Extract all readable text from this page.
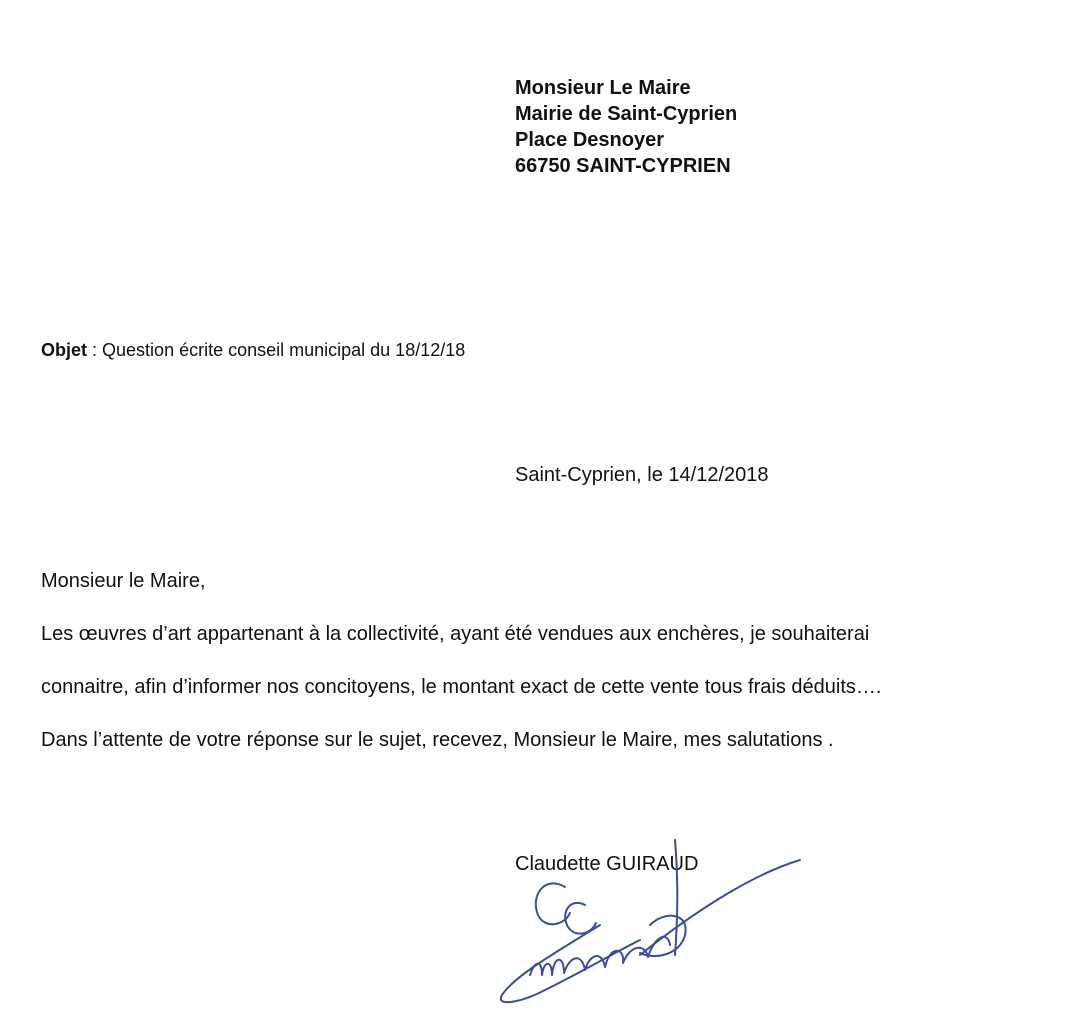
Monsieur Le Maire
Mairie de Saint-Cyprien
Place Desnoyer
66750 SAINT-CYPRIEN
Objet : Question écrite conseil municipal du 18/12/18
Saint-Cyprien, le 14/12/2018
Monsieur le Maire,
Les œuvres d’art appartenant à la collectivité, ayant été vendues aux enchères, je souhaiterai
connaitre, afin d’informer nos concitoyens, le montant exact de cette vente tous frais déduits….
Dans l’attente de votre réponse sur le sujet, recevez, Monsieur le Maire, mes salutations .
Claudette GUIRAUD
